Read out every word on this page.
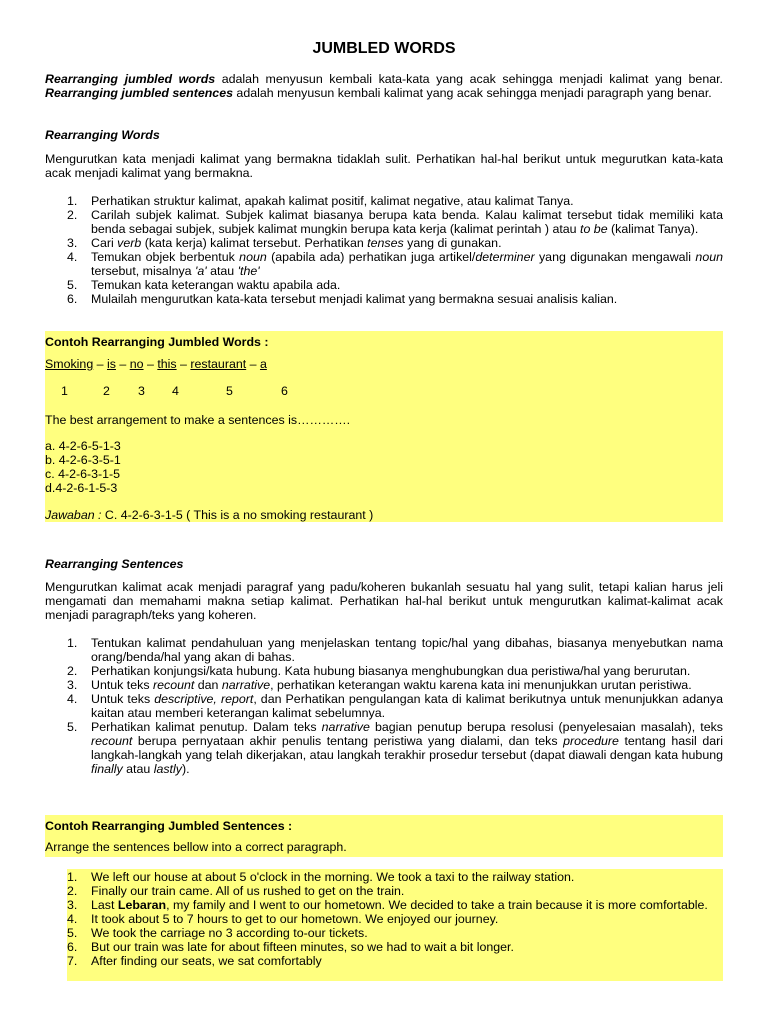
JUMBLED WORDS
Rearranging jumbled words adalah menyusun kembali kata-kata yang acak sehingga menjadi kalimat yang benar. Rearranging jumbled sentences adalah menyusun kembali kalimat yang acak sehingga menjadi paragraph yang benar.
Rearranging Words
Mengurutkan kata menjadi kalimat yang bermakna tidaklah sulit. Perhatikan hal-hal berikut untuk megurutkan kata-kata acak menjadi kalimat yang bermakna.
1. Perhatikan struktur kalimat, apakah kalimat positif, kalimat negative, atau kalimat Tanya.
2. Carilah subjek kalimat. Subjek kalimat biasanya berupa kata benda. Kalau kalimat tersebut tidak memiliki kata benda sebagai subjek, subjek kalimat mungkin berupa kata kerja (kalimat perintah ) atau to be (kalimat Tanya).
3. Cari verb (kata kerja) kalimat tersebut. Perhatikan tenses yang di gunakan.
4. Temukan objek berbentuk noun (apabila ada) perhatikan juga artikel/determiner yang digunakan mengawali noun tersebut, misalnya 'a' atau 'the'
5. Temukan kata keterangan waktu apabila ada.
6. Mulailah mengurutkan kata-kata tersebut menjadi kalimat yang bermakna sesuai analisis kalian.
Contoh Rearranging Jumbled Words :
Smoking – is – no – this – restaurant – a
1	2 3 4	5	6
The best arrangement to make a sentences is………….
a. 4-2-6-5-1-3
b. 4-2-6-3-5-1
c. 4-2-6-3-1-5
d.4-2-6-1-5-3
Jawaban : C. 4-2-6-3-1-5 ( This is a no smoking restaurant )
Rearranging Sentences
Mengurutkan kalimat acak menjadi paragraf yang padu/koheren bukanlah sesuatu hal yang sulit, tetapi kalian harus jeli mengamati dan memahami makna setiap kalimat. Perhatikan hal-hal berikut untuk mengurutkan kalimat-kalimat acak menjadi paragraph/teks yang koheren.
1. Tentukan kalimat pendahuluan yang menjelaskan tentang topic/hal yang dibahas, biasanya menyebutkan nama orang/benda/hal yang akan di bahas.
2. Perhatikan konjungsi/kata hubung. Kata hubung biasanya menghubungkan dua peristiwa/hal yang berurutan.
3. Untuk teks recount dan narrative, perhatikan keterangan waktu karena kata ini menunjukkan urutan peristiwa.
4. Untuk teks descriptive, report, dan Perhatikan pengulangan kata di kalimat berikutnya untuk menunjukkan adanya kaitan atau memberi keterangan kalimat sebelumnya.
5. Perhatikan kalimat penutup. Dalam teks narrative bagian penutup berupa resolusi (penyelesaian masalah), teks recount berupa pernyataan akhir penulis tentang peristiwa yang dialami, dan teks procedure tentang hasil dari langkah-langkah yang telah dikerjakan, atau langkah terakhir prosedur tersebut (dapat diawali dengan kata hubung finally atau lastly).
Contoh Rearranging Jumbled Sentences :
Arrange the sentences bellow into a correct paragraph.
1. We left our house at about 5 o'clock in the morning. We took a taxi to the railway station.
2. Finally our train came. All of us rushed to get on the train.
3. Last Lebaran, my family and I went to our hometown. We decided to take a train because it is more comfortable.
4. It took about 5 to 7 hours to get to our hometown. We enjoyed our journey.
5. We took the carriage no 3 according to-our tickets.
6. But our train was late for about fifteen minutes, so we had to wait a bit longer.
7. After finding our seats, we sat comfortably
